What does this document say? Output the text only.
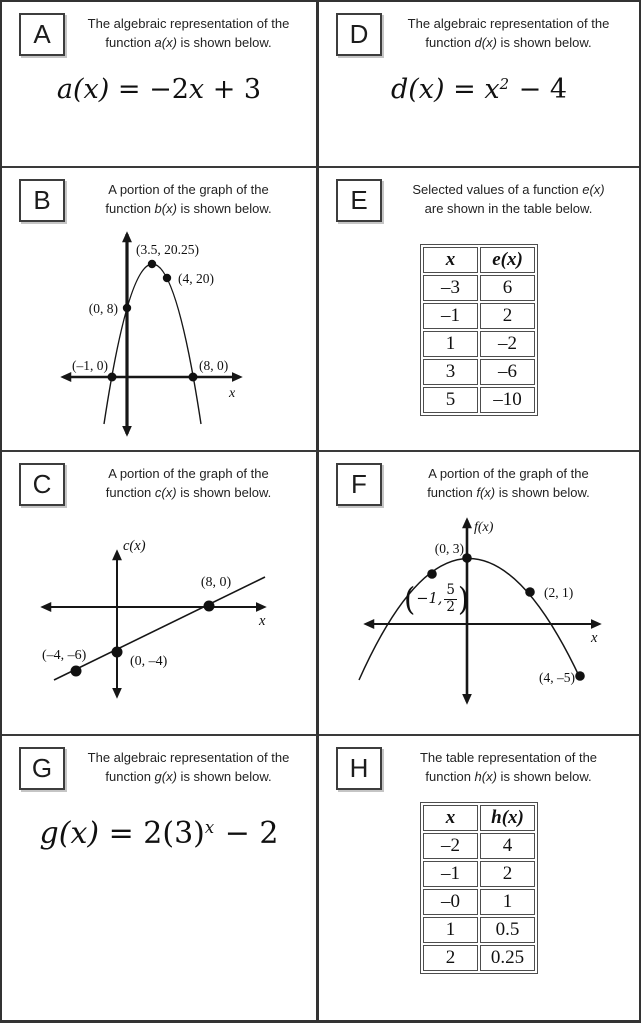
A	The algebraic representation of the
function a(x) is shown below.
a(x) = −2x + 3
D	The algebraic representation of the
function d(x) is shown below.
$d(x) = x^2 - 4$
B	A portion of the graph of the
function b(x) is shown below.
(3.5, 20.25)
(4, 20)
(0, 8)
(–1, 0)	(8, 0)
x
E	Selected values of a function e(x)
are shown in the table below.
x	e(x)
–3	6
–1	2
1	–2
3	–6
5	–10
C	A portion of the graph of the
function c(x) is shown below.
c(x)
(8, 0)
(0, –4)
(–4, –6)
x
F	A portion of the graph of the
function f(x) is shown below.
f(x)
(0, 3)
(2, 1)
(4, –5)
x
( −1, $\frac{5}{2}$ )
G	The algebraic representation of the
function g(x) is shown below.
$g(x) = 2(3)^x - 2$
H	The table representation of the
function h(x) is shown below.
x	h(x)
–2	4
–1	2
–0	1
1	0.5
2	0.25
